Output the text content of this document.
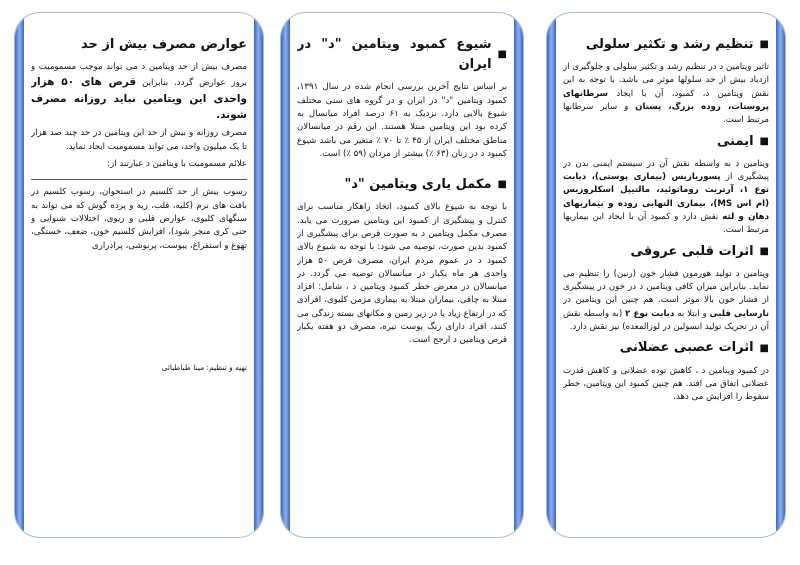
عوارض مصرف بیش از حد

مصرف بیش از حد ویتامین د می تواند موجب مسمومیت و بروز عوارض گردد. بنابراین قرص های ۵۰ هزار واحدی این ویتامین نباید روزانه مصرف شوند.

مصرف روزانه و بیش از حد این ویتامین در حد چند صد هزار تا یک میلیون واحد، می تواند مسمومیت ایجاد نماید.

علائم مسمومیت با ویتامین د عبارتند از:

رسوب بیش از حد کلسیم در استخوان، رسوب کلسیم در بافت های نرم (کلیه، قلب، ریه و پرده گوش که می تواند به سنگهای کلیوی، عوارض قلبی و ریوی، اختلالات شنوایی و حتی کری منجر شود)، افزایش کلسیم خون، ضعف، خستگی، تهوع و استفراغ، یبوست، پرنوشی، پرادراری

تهیه و تنظیم: مینا طباطبائی
■
شیوع کمبود ویتامین "د" در ایران

بر اساس نتایج آخرین بررسی انجام شده در سال ۱۳۹۱، کمبود ویتامین "د" در ایران و در گروه های سنی مختلف شیوع بالایی دارد. نزدیک به ۶۱ درصد افراد میانسال به کرده بود این ویتامین مبتلا هستند. این رقم در میانسالان مناطق مختلف ایران از ۴۵ ٪ تا ۷۰ ٪ متغیر می باشد شیوع کمبود د در زنان (۶۳ ٪) بیشتر از مردان (۵۹ ٪) است.

■
مکمل یاری ویتامین "د"

با توجه به شیوع بالای کمبود، اتخاذ راهکار مناسب برای کنترل و پیشگیری از کمبود این ویتامین ضرورت می یابد. مصرف مکمل ویتامین د به صورت قرص برای پیشگیری از کمبود بدین صورت، توصیه می شود: با توجه به شیوع بالای کمبود د در عموم مردم ایران، مصرف قرص ۵۰ هزار واحدی هر ماه یکبار در میانسالان توصیه می گردد. در میانسالان در معرض خطر کمبود ویتامین د ، شامل: افراد مبتلا به چاقی، بیماران مبتلا به بیماری مزمن کلیوی، افرادی که در ارتفاع زیاد یا در زیر زمین و مکانهای بسته زندگی می کنند، افراد دارای رنگ پوست تیره، مصرف دو هفته یکبار قرص ویتامین د ارجح است.

■
تنظیم رشد و تکثیر سلولی

تاثیر ویتامین د در تنظیم رشد و تکثیر سلولی و جلوگیری از ازدیاد بیش از حد سلولها موثر می باشد. با توجه به این نقش ویتامین د، کمبود، آن با ایجاد سرطانهای پروستات، روده بزرگ، پستان و سایر سرطانها مرتبط است.

■
ایمنی

ویتامین د به واسطه نقش آن در سیستم ایمنی بدن در پیشگیری از پسوریازیس (بیماری پوستی)، دیابت نوع ۱، آرتریت روماتوئید، مالتیپل اسکلروزیس (ام اس MS)، بیماری التهابی روده و بیماریهای دهان و لثه نقش دارد و کمبود آن با ایجاد این بیماریها مرتبط است.

■
اثرات قلبی عروقی

ویتامین د تولید هورمون فشار خون (رنین) را تنظیم می نماید. بنابراین میزان کافی ویتامین د در خون در پیشگیری از فشار خون بالا موثر است. هم چنین این ویتامین در نارسایی قلبی و ابتلا به دیابت نوع ۲ (به واسطه نقش آن در تحریک تولید انسولین در لوزالمعده) نیز نقش دارد.

■
اثرات عصبی عضلانی

در کمبود ویتامین د ، کاهش توده عضلانی و کاهش قدرت عضلانی اتفاق می افتد. هم چنین کمبود این ویتامین، خطر سقوط را افزایش می دهد.
